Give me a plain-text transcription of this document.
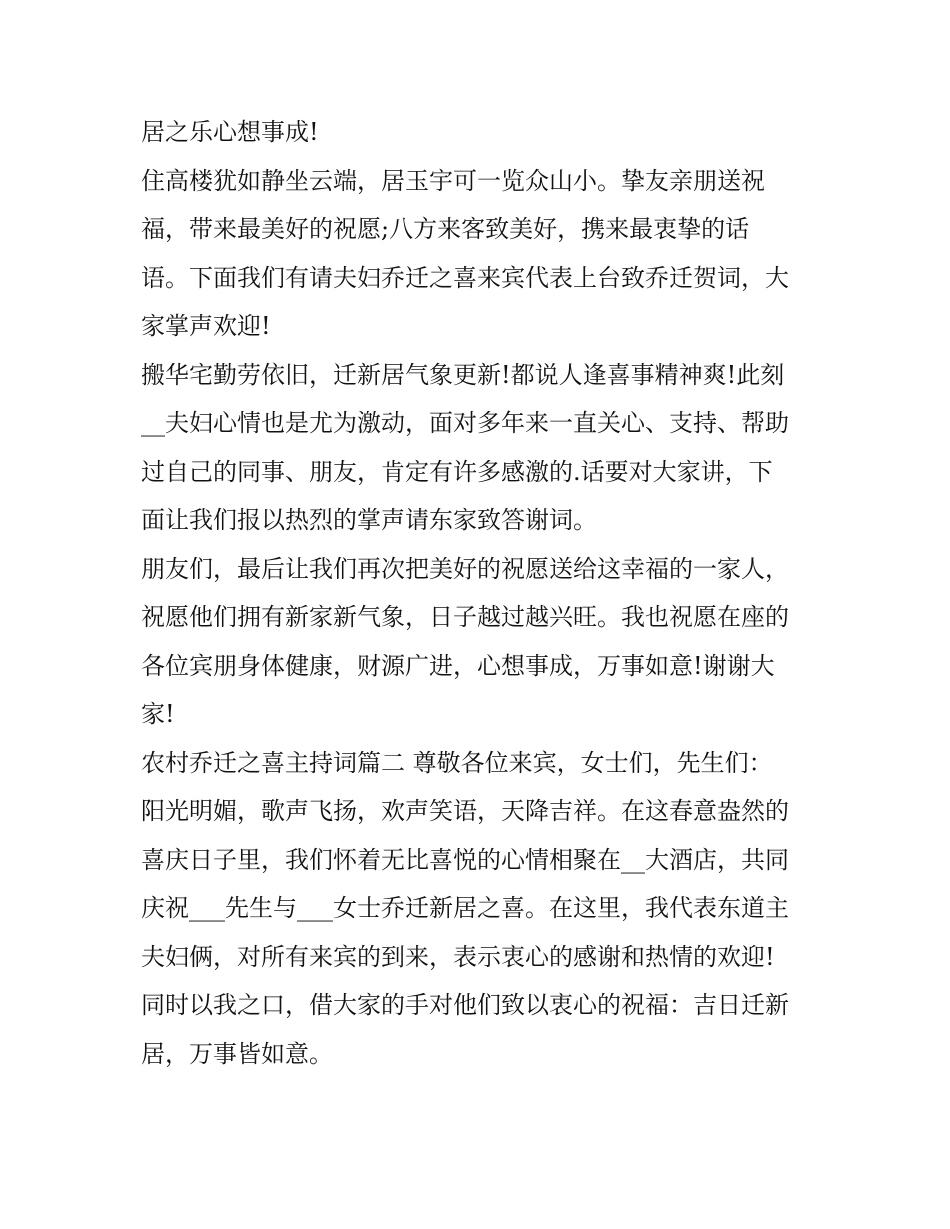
居之乐心想事成!
住高楼犹如静坐云端，居玉宇可一览众山小。挚友亲朋送祝
福，带来最美好的祝愿;八方来客致美好，携来最衷挚的话
语。下面我们有请夫妇乔迁之喜来宾代表上台致乔迁贺词，大
家掌声欢迎!
搬华宅勤劳依旧，迁新居气象更新!都说人逢喜事精神爽!此刻
__夫妇心情也是尤为激动，面对多年来一直关心、支持、帮助
过自己的同事、朋友，肯定有许多感激的.话要对大家讲，下
面让我们报以热烈的掌声请东家致答谢词。
朋友们，最后让我们再次把美好的祝愿送给这幸福的一家人，
祝愿他们拥有新家新气象，日子越过越兴旺。我也祝愿在座的
各位宾朋身体健康，财源广进，心想事成，万事如意!谢谢大
家!
农村乔迁之喜主持词篇二 尊敬各位来宾，女士们，先生们：
阳光明媚，歌声飞扬，欢声笑语，天降吉祥。在这春意盎然的
喜庆日子里，我们怀着无比喜悦的心情相聚在__大酒店，共同
庆祝___先生与___女士乔迁新居之喜。在这里，我代表东道主
夫妇俩，对所有来宾的到来，表示衷心的感谢和热情的欢迎!
同时以我之口，借大家的手对他们致以衷心的祝福：吉日迁新
居，万事皆如意。
